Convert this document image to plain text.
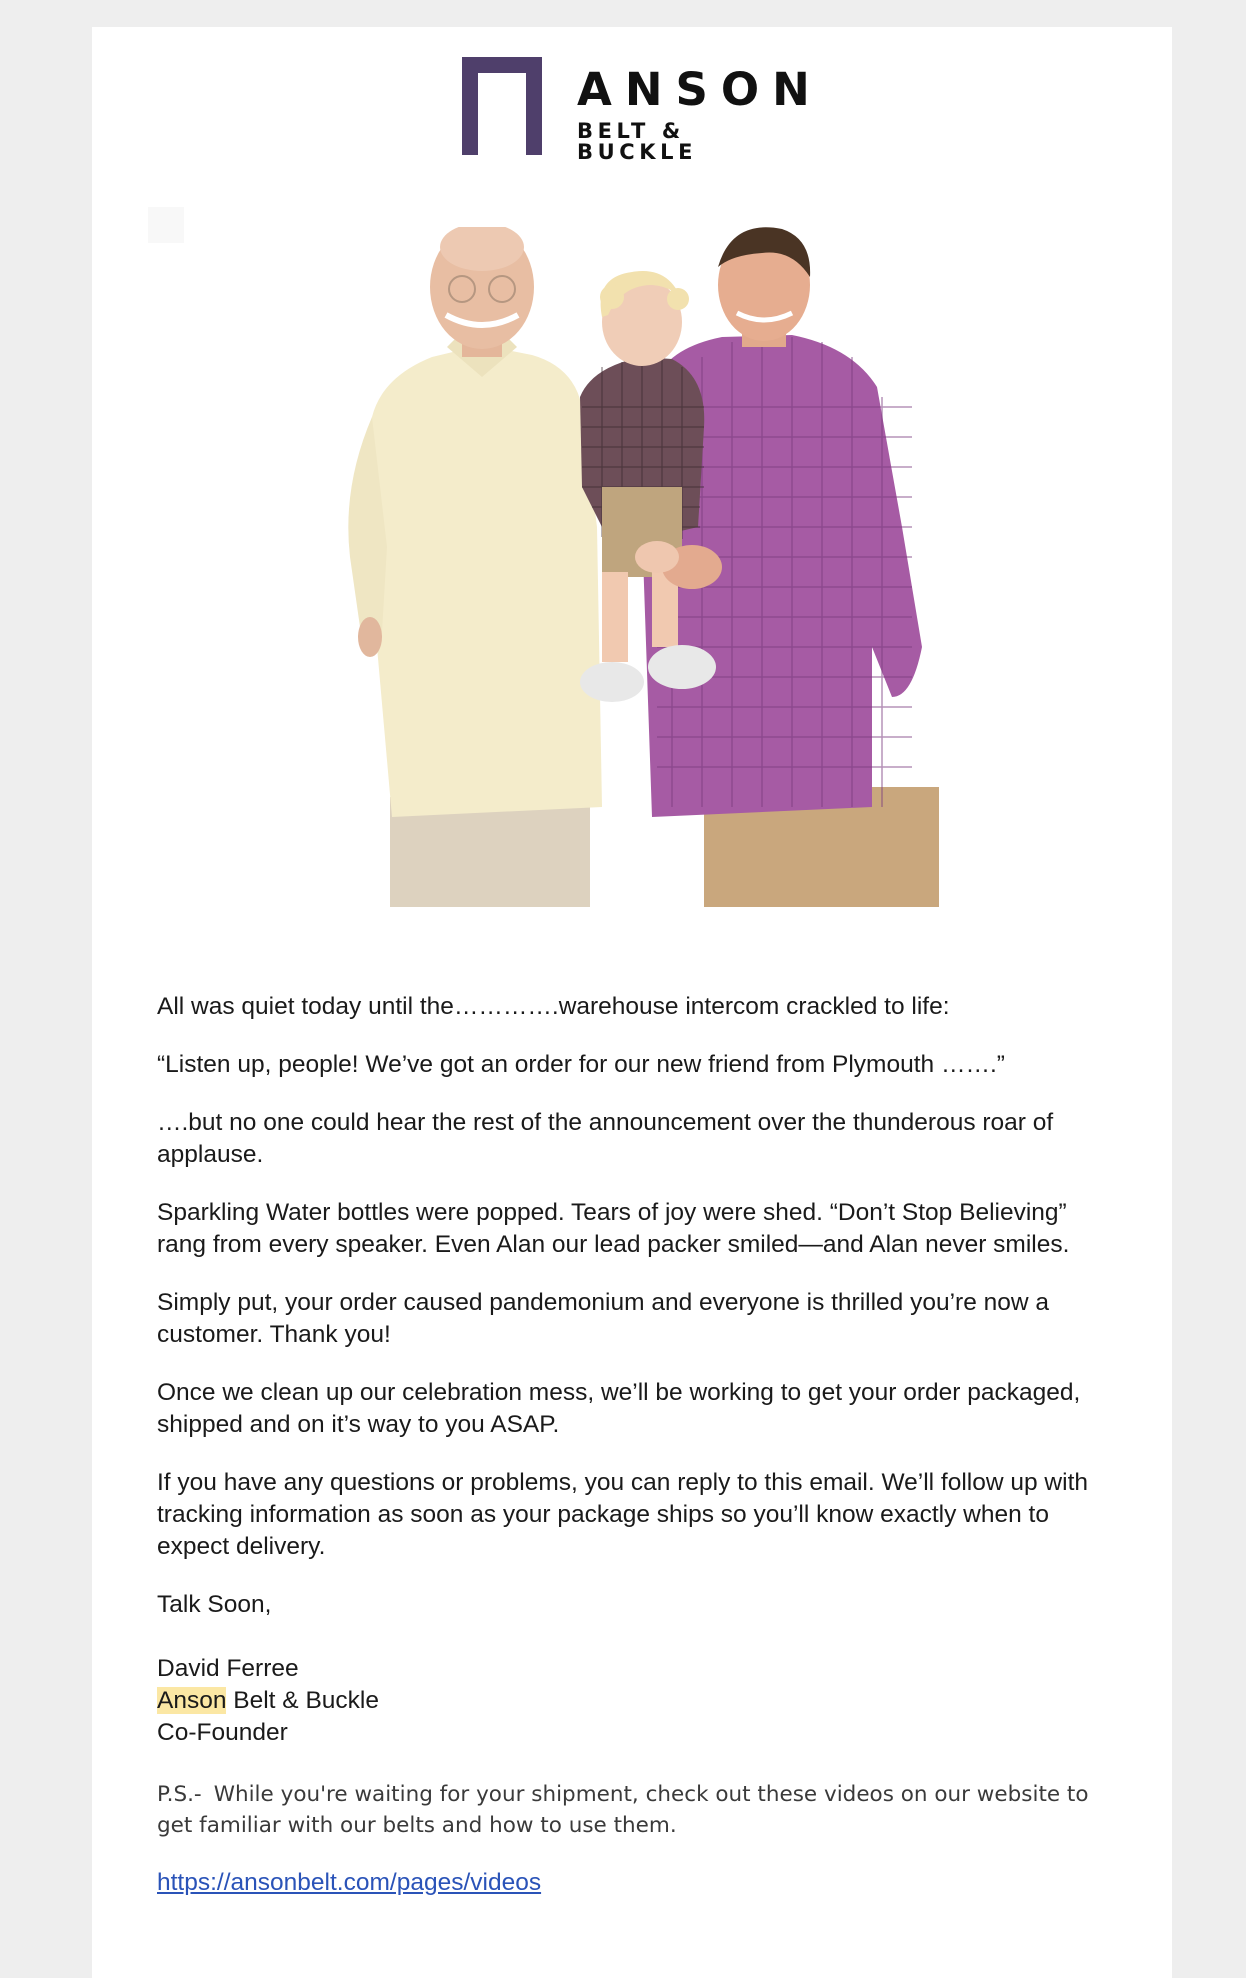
ANSON
BELT & BUCKLE

All was quiet today until the………….warehouse intercom crackled to life:

“Listen up, people! We’ve got an order for our new friend from Plymouth …….”

….but no one could hear the rest of the announcement over the thunderous roar of applause.

Sparkling Water bottles were popped. Tears of joy were shed. “Don’t Stop Believing” rang from every speaker. Even Alan our lead packer smiled—and Alan never smiles.

Simply put, your order caused pandemonium and everyone is thrilled you’re now a customer. Thank you!

Once we clean up our celebration mess, we’ll be working to get your order packaged, shipped and on it’s way to you ASAP.

If you have any questions or problems, you can reply to this email. We’ll follow up with tracking information as soon as your package ships so you’ll know exactly when to expect delivery.

Talk Soon,

David Ferree
Anson Belt & Buckle
Co-Founder
P.S.- While you're waiting for your shipment, check out these videos on our website to get familiar with our belts and how to use them.
https://ansonbelt.com/pages/videos
